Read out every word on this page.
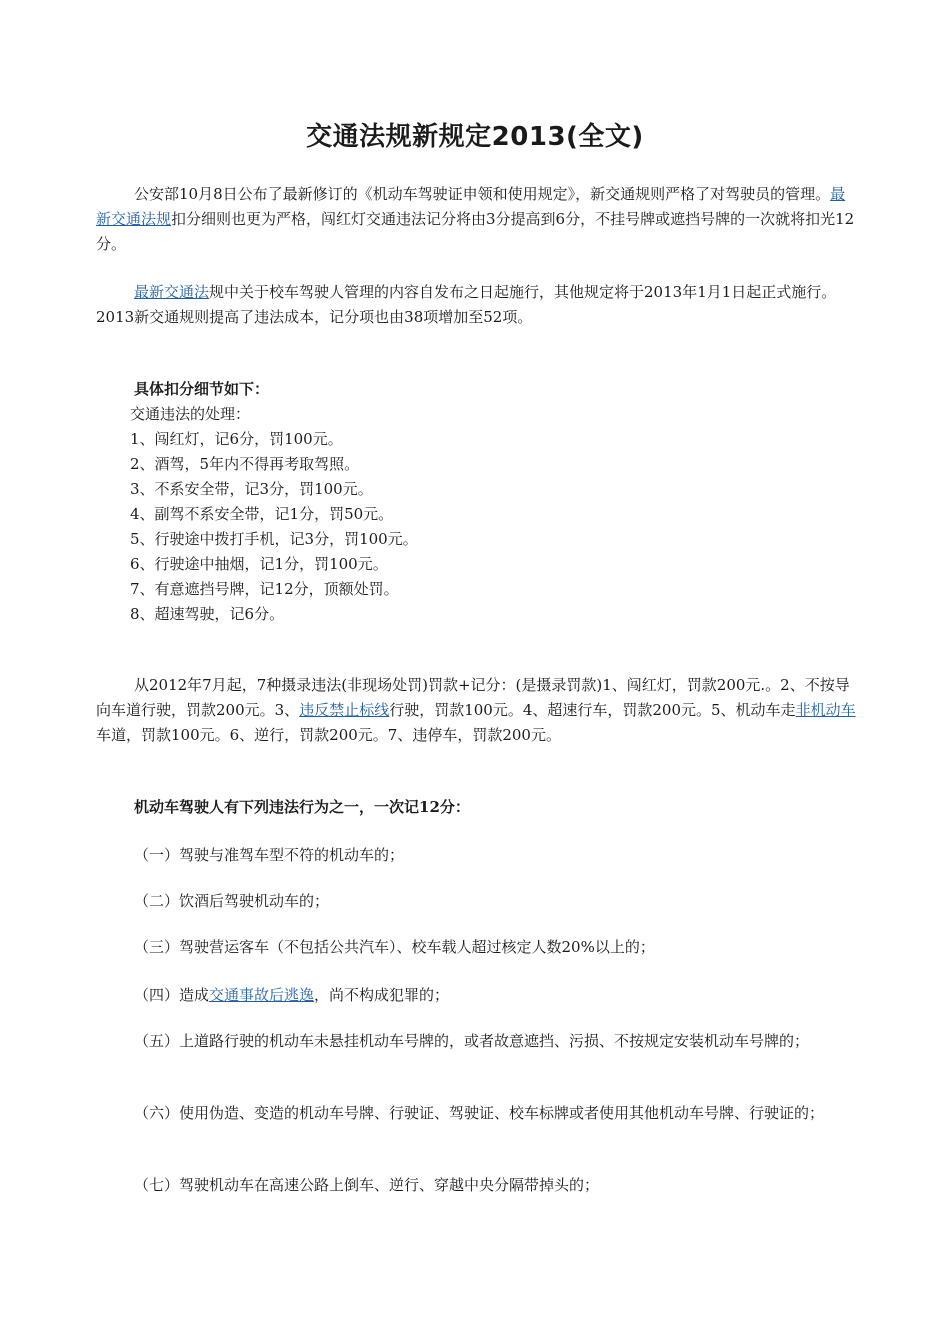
交通法规新规定2013(全文)

公安部10月8日公布了最新修订的《机动车驾驶证申领和使用规定》，新交通规则严格了对驾驶员的管理。最新交通法规扣分细则也更为严格，闯红灯交通违法记分将由3分提高到6分，不挂号牌或遮挡号牌的一次就将扣光12分。

最新交通法规中关于校车驾驶人管理的内容自发布之日起施行，其他规定将于2013年1月1日起正式施行。2013新交通规则提高了违法成本，记分项也由38项增加至52项。

具体扣分细节如下：
交通违法的处理：
1、闯红灯，记6分，罚100元。
2、酒驾，5年内不得再考取驾照。
3、不系安全带，记3分，罚100元。
4、副驾不系安全带，记1分，罚50元。
5、行驶途中拨打手机，记3分，罚100元。
6、行驶途中抽烟，记1分，罚100元。
7、有意遮挡号牌，记12分，顶额处罚。
8、超速驾驶，记6分。

从2012年7月起，7种摄录违法(非现场处罚)罚款+记分：(是摄录罚款)1、闯红灯，罚款200元.。2、不按导向车道行驶，罚款200元。3、违反禁止标线行驶，罚款100元。4、超速行车，罚款200元。5、机动车走非机动车车道，罚款100元。6、逆行，罚款200元。7、违停车，罚款200元。

机动车驾驶人有下列违法行为之一，一次记12分：
（一）驾驶与准驾车型不符的机动车的；
（二）饮酒后驾驶机动车的；
（三）驾驶营运客车（不包括公共汽车）、校车载人超过核定人数20%以上的；
（四）造成交通事故后逃逸，尚不构成犯罪的；

（五）上道路行驶的机动车未悬挂机动车号牌的，或者故意遮挡、污损、不按规定安装机动车号牌的；

（六）使用伪造、变造的机动车号牌、行驶证、驾驶证、校车标牌或者使用其他机动车号牌、行驶证的；

（七）驾驶机动车在高速公路上倒车、逆行、穿越中央分隔带掉头的；
